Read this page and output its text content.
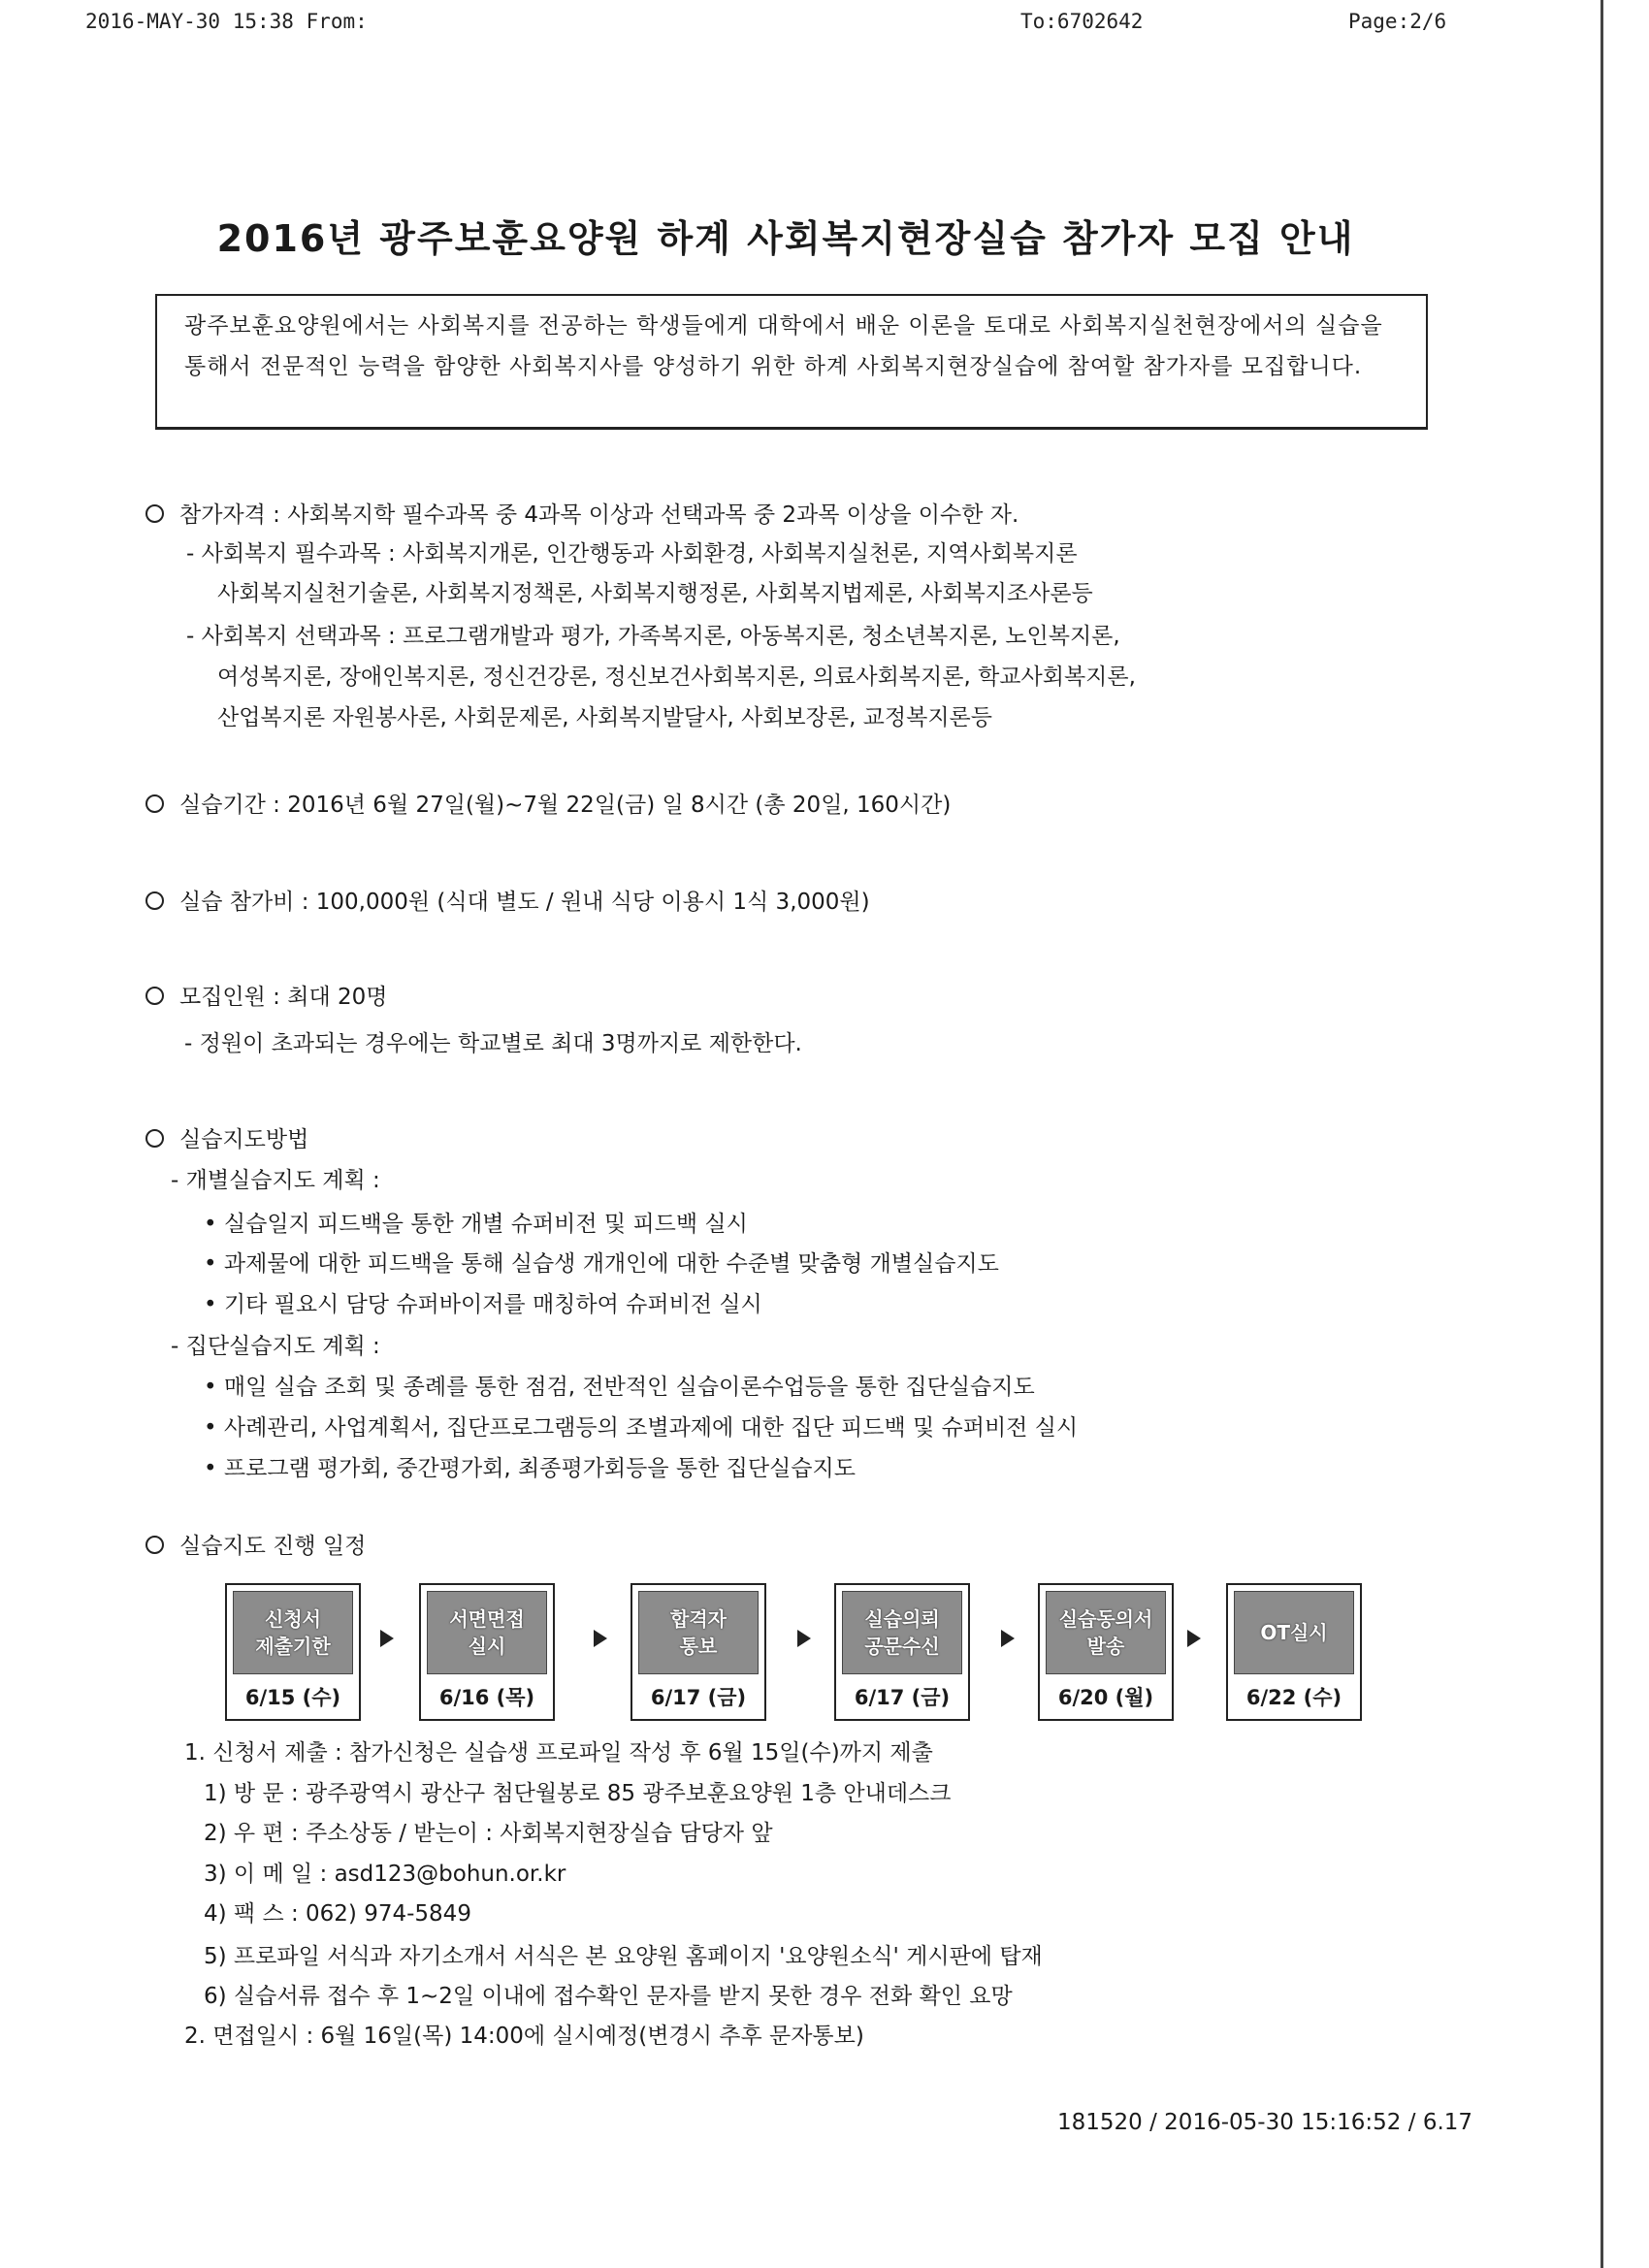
2016-MAY-30 15:38 From:	To:6702642	Page:2/6
2016년 광주보훈요양원 하계 사회복지현장실습 참가자 모집 안내

광주보훈요양원에서는 사회복지를 전공하는 학생들에게 대학에서 배운 이론을 토대로 사회복지실천현장에서의 실습을 통해서 전문적인 능력을 함양한 사회복지사를 양성하기 위한 하계 사회복지현장실습에 참여할 참가자를 모집합니다.

참가자격 : 사회복지학 필수과목 중 4과목 이상과 선택과목 중 2과목 이상을 이수한 자.
- 사회복지 필수과목 : 사회복지개론, 인간행동과 사회환경, 사회복지실천론, 지역사회복지론
사회복지실천기술론, 사회복지정책론, 사회복지행정론, 사회복지법제론, 사회복지조사론등
- 사회복지 선택과목 : 프로그램개발과 평가, 가족복지론, 아동복지론, 청소년복지론, 노인복지론,
여성복지론, 장애인복지론, 정신건강론, 정신보건사회복지론, 의료사회복지론, 학교사회복지론,
산업복지론 자원봉사론, 사회문제론, 사회복지발달사, 사회보장론, 교정복지론등
실습기간 : 2016년 6월 27일(월)~7월 22일(금) 일 8시간 (총 20일, 160시간)
실습 참가비 : 100,000원 (식대 별도 / 원내 식당 이용시 1식 3,000원)
모집인원 : 최대 20명
- 정원이 초과되는 경우에는 학교별로 최대 3명까지로 제한한다.
실습지도방법
- 개별실습지도 계획 :
• 실습일지 피드백을 통한 개별 슈퍼비전 및 피드백 실시
• 과제물에 대한 피드백을 통해 실습생 개개인에 대한 수준별 맞춤형 개별실습지도
• 기타 필요시 담당 슈퍼바이저를 매칭하여 슈퍼비전 실시
- 집단실습지도 계획 :
• 매일 실습 조회 및 종례를 통한 점검, 전반적인 실습이론수업등을 통한 집단실습지도
• 사례관리, 사업계획서, 집단프로그램등의 조별과제에 대한 집단 피드백 및 슈퍼비전 실시
• 프로그램 평가회, 중간평가회, 최종평가회등을 통한 집단실습지도
실습지도 진행 일정
신청서
제출기한
6/15 (수)
서면면접
실시
6/16 (목)
합격자
통보
6/17 (금)
실습의뢰
공문수신
6/17 (금)
실습동의서
발송
6/20 (월)
OT실시
6/22 (수)
1. 신청서 제출 : 참가신청은 실습생 프로파일 작성 후 6월 15일(수)까지 제출
1) 방 문 : 광주광역시 광산구 첨단월봉로 85 광주보훈요양원 1층 안내데스크
2) 우 편 : 주소상동 / 받는이 : 사회복지현장실습 담당자 앞
3) 이 메 일 : asd123@bohun.or.kr
4) 팩 스 : 062) 974-5849
5) 프로파일 서식과 자기소개서 서식은 본 요양원 홈페이지 '요양원소식' 게시판에 탑재
6) 실습서류 접수 후 1~2일 이내에 접수확인 문자를 받지 못한 경우 전화 확인 요망
2. 면접일시 : 6월 16일(목) 14:00에 실시예정(변경시 추후 문자통보)
181520 / 2016-05-30 15:16:52 / 6.17
